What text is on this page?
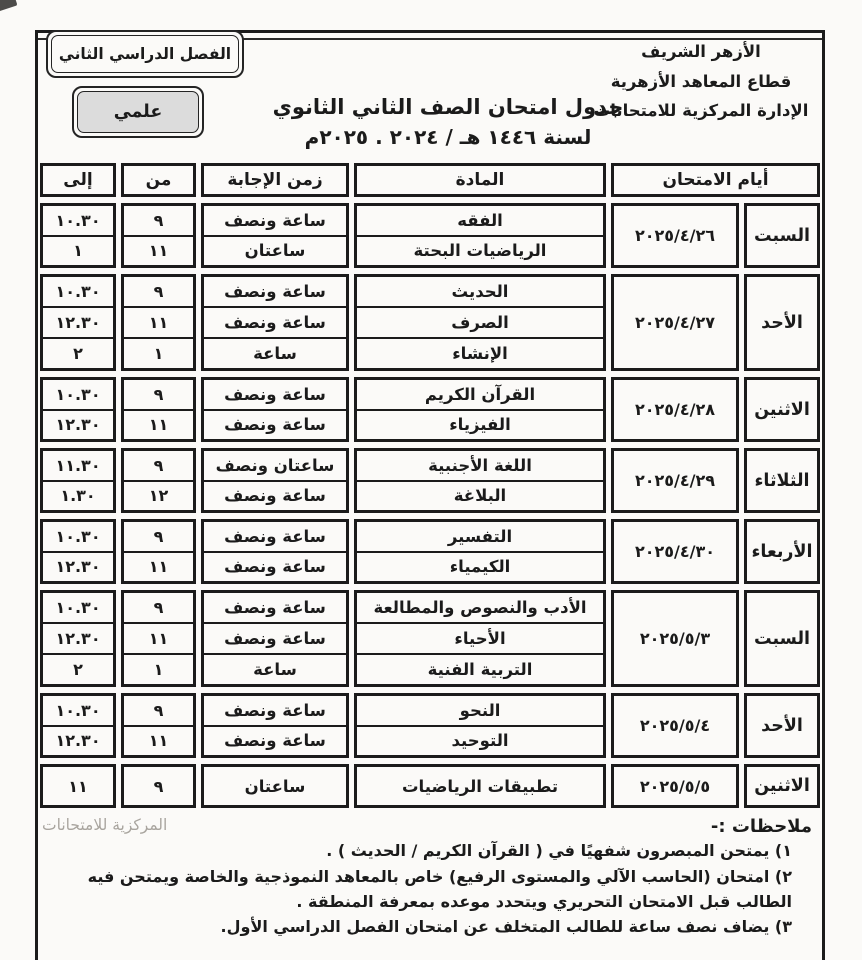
الأزهر الشريف
قطاع المعاهد الأزهرية
الإدارة المركزية للامتحانات
جدول امتحان الصف الثاني الثانوي
لسنة ١٤٤٦ هـ / ٢٠٢٤ . ٢٠٢٥م
الفصل الدراسي الثاني
علمي
أيام الامتحان
المادة
زمن الإجابة
من
إلى
السبت
٢٠٢٥/٤/٢٦
الفقه
الرياضيات البحتة
ساعة ونصف
ساعتان
٩
١١
١٠.٣٠
١
الأحد
٢٠٢٥/٤/٢٧
الحديث
الصرف
الإنشاء
ساعة ونصف
ساعة ونصف
ساعة
٩
١١
١
١٠.٣٠
١٢.٣٠
٢
الاثنين
٢٠٢٥/٤/٢٨
القرآن الكريم
الفيزياء
ساعة ونصف
ساعة ونصف
٩
١١
١٠.٣٠
١٢.٣٠
الثلاثاء
٢٠٢٥/٤/٢٩
اللغة الأجنبية
البلاغة
ساعتان ونصف
ساعة ونصف
٩
١٢
١١.٣٠
١.٣٠
الأربعاء
٢٠٢٥/٤/٣٠
التفسير
الكيمياء
ساعة ونصف
ساعة ونصف
٩
١١
١٠.٣٠
١٢.٣٠
السبت
٢٠٢٥/٥/٣
الأدب والنصوص والمطالعة
الأحياء
التربية الفنية
ساعة ونصف
ساعة ونصف
ساعة
٩
١١
١
١٠.٣٠
١٢.٣٠
٢
الأحد
٢٠٢٥/٥/٤
النحو
التوحيد
ساعة ونصف
ساعة ونصف
٩
١١
١٠.٣٠
١٢.٣٠
الاثنين
٢٠٢٥/٥/٥
تطبيقات الرياضيات
ساعتان
٩
١١
ملاحظات :-
١) يمتحن المبصرون شفهيًا في ( القرآن الكريم / الحديث ) .
٢) امتحان (الحاسب الآلي والمستوى الرفيع) خاص بالمعاهد النموذجية والخاصة ويمتحن فيه الطالب قبل الامتحان التحريري ويتحدد موعده بمعرفة المنطقة .
٣) يضاف نصف ساعة للطالب المتخلف عن امتحان الفصل الدراسي الأول.
المركزية للامتحانات
